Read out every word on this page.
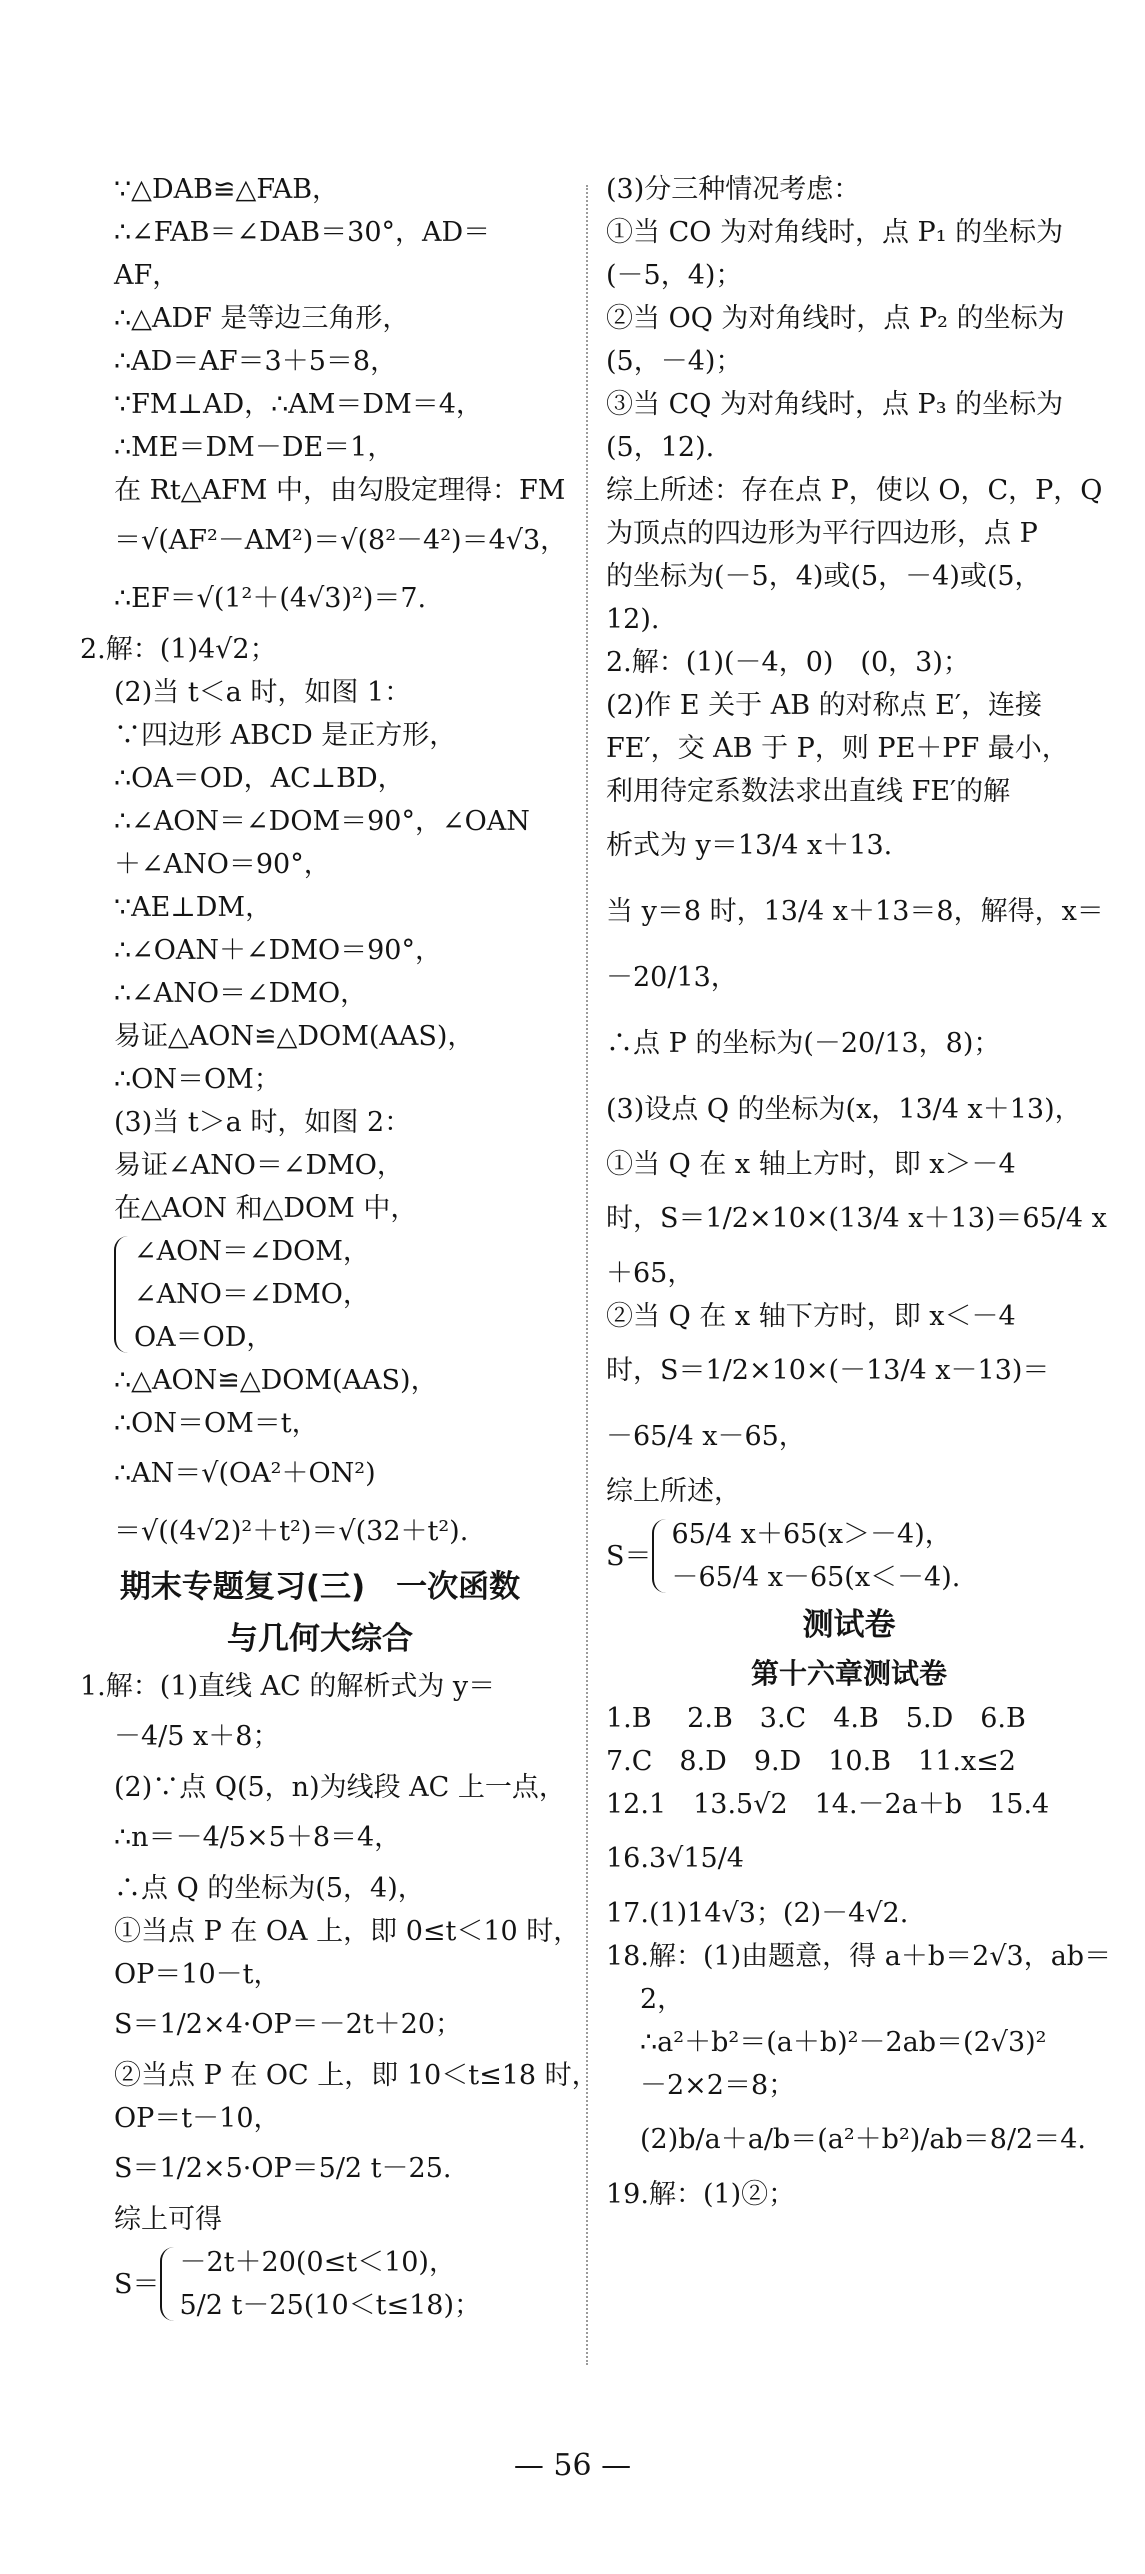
∵△DAB≌△FAB，
∴∠FAB＝∠DAB＝30°，AD＝
AF，
∴△ADF 是等边三角形，
∴AD＝AF＝3＋5＝8，
∵FM⊥AD，∴AM＝DM＝4，
∴ME＝DM－DE＝1，
在 Rt△AFM 中，由勾股定理得：FM
＝√(AF²－AM²)＝√(8²－4²)＝4√3，
∴EF＝√(1²＋(4√3)²)＝7.
2.解：(1)4√2；
(2)当 t＜a 时，如图 1：
∵四边形 ABCD 是正方形，
∴OA＝OD，AC⊥BD，
∴∠AON＝∠DOM＝90°，∠OAN
＋∠ANO＝90°，
∵AE⊥DM，
∴∠OAN＋∠DMO＝90°，
∴∠ANO＝∠DMO，
易证△AON≌△DOM(AAS)，
∴ON＝OM；
(3)当 t＞a 时，如图 2：
易证∠ANO＝∠DMO，
在△AON 和△DOM 中，
∠AON＝∠DOM，
∠ANO＝∠DMO，
OA＝OD，
∴△AON≌△DOM(AAS)，
∴ON＝OM＝t，
∴AN＝√(OA²＋ON²)
＝√((4√2)²＋t²)＝√(32＋t²).
期末专题复习(三)　一次函数
与几何大综合
1.解：(1)直线 AC 的解析式为 y＝
－4/5 x＋8；
(2)∵点 Q(5，n)为线段 AC 上一点，
∴n＝－4/5×5＋8＝4，
∴点 Q 的坐标为(5，4)，
①当点 P 在 OA 上，即 0≤t＜10 时，
OP＝10－t，
S＝1/2×4·OP＝－2t＋20；
②当点 P 在 OC 上，即 10＜t≤18 时，
OP＝t－10，
S＝1/2×5·OP＝5/2 t－25.
综上可得
S＝
－2t＋20(0≤t＜10)，
5/2 t－25(10＜t≤18)；
(3)分三种情况考虑：
①当 CO 为对角线时，点 P₁ 的坐标为
(－5，4)；
②当 OQ 为对角线时，点 P₂ 的坐标为
(5，－4)；
③当 CQ 为对角线时，点 P₃ 的坐标为
(5，12).
综上所述：存在点 P，使以 O，C，P，Q
为顶点的四边形为平行四边形，点 P
的坐标为(－5，4)或(5，－4)或(5，
12).
2.解：(1)(－4，0)　(0，3)；
(2)作 E 关于 AB 的对称点 E′，连接
FE′，交 AB 于 P，则 PE＋PF 最小，
利用待定系数法求出直线 FE′的解
析式为 y＝13/4 x＋13.
当 y＝8 时，13/4 x＋13＝8，解得，x＝
－20/13，
∴点 P 的坐标为(－20/13，8)；
(3)设点 Q 的坐标为(x，13/4 x＋13)，
①当 Q 在 x 轴上方时，即 x＞－4
时，S＝1/2×10×(13/4 x＋13)＝65/4 x
＋65，
②当 Q 在 x 轴下方时，即 x＜－4
时，S＝1/2×10×(－13/4 x－13)＝
－65/4 x－65，
综上所述，
S＝
65/4 x＋65(x＞－4)，
－65/4 x－65(x＜－4).
测试卷
第十六章测试卷
1.B　 2.B　3.C　4.B　5.D　6.B
7.C　8.D　9.D　10.B　11.x≤2
12.1　13.5√2　14.－2a＋b　15.4
16.3√15/4
17.(1)14√3；(2)－4√2.
18.解：(1)由题意，得 a＋b＝2√3，ab＝
2，
∴a²＋b²＝(a＋b)²－2ab＝(2√3)²
－2×2＝8；
(2)b/a＋a/b＝(a²＋b²)/ab＝8/2＝4.
19.解：(1)②；
— 56 —
